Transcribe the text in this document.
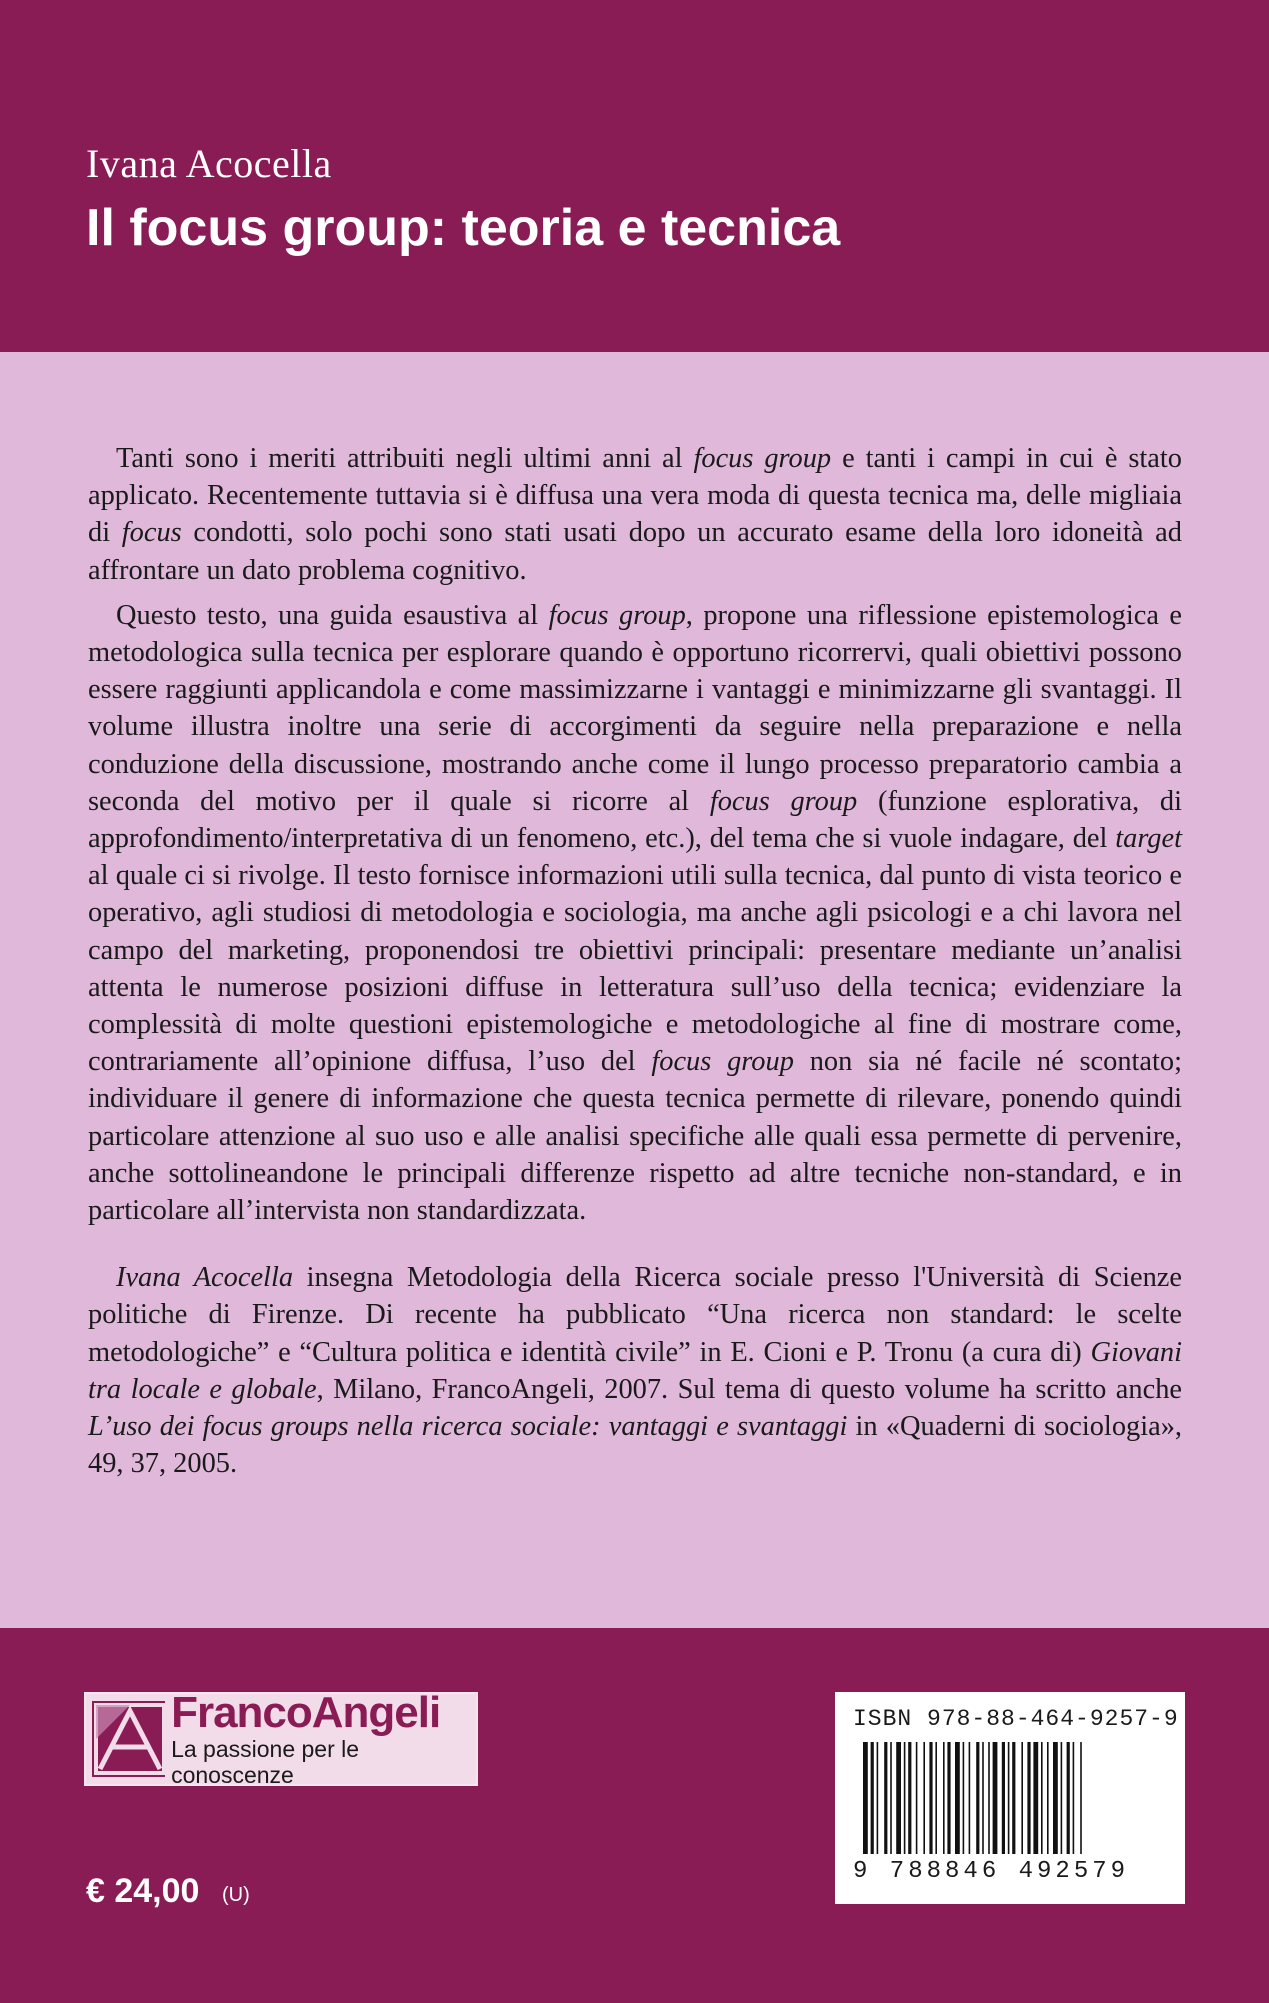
Ivana Acocella
Il focus group: teoria e tecnica

Tanti sono i meriti attribuiti negli ultimi anni al focus group e tanti i campi in cui è stato applicato. Recentemente tuttavia si è diffusa una vera moda di questa tecnica ma, delle migliaia di focus condotti, solo pochi sono stati usati dopo un accurato esame della loro idoneità ad affrontare un dato problema cognitivo.

Questo testo, una guida esaustiva al focus group, propone una riflessione epistemologica e metodologica sulla tecnica per esplorare quando è opportuno ricorrervi, quali obiettivi possono essere raggiunti applicandola e come massimizzarne i vantaggi e minimizzarne gli svantaggi. Il volume illustra inoltre una serie di accorgimenti da seguire nella preparazione e nella conduzione della discussione, mostrando anche come il lungo processo preparatorio cambia a seconda del motivo per il quale si ricorre al focus group (funzione esplorativa, di approfondimento/interpretativa di un fenomeno, etc.), del tema che si vuole indagare, del target al quale ci si rivolge. Il testo fornisce informazioni utili sulla tecnica, dal punto di vista teorico e operativo, agli studiosi di metodologia e sociologia, ma anche agli psicologi e a chi lavora nel campo del marketing, proponendosi tre obiettivi principali: presentare mediante un’analisi attenta le numerose posizioni diffuse in letteratura sull’uso della tecnica; evidenziare la complessità di molte questioni epistemologiche e metodologiche al fine di mostrare come, contrariamente all’opinione diffusa, l’uso del focus group non sia né facile né scontato; individuare il genere di informazione che questa tecnica permette di rilevare, ponendo quindi particolare attenzione al suo uso e alle analisi specifiche alle quali essa permette di pervenire, anche sottolineandone le principali differenze rispetto ad altre tecniche non-standard, e in particolare all’intervista non standardizzata.

Ivana Acocella insegna Metodologia della Ricerca sociale presso l'Università di Scienze politiche di Firenze. Di recente ha pubblicato “Una ricerca non standard: le scelte metodologiche” e “Cultura politica e identità civile” in E. Cioni e P. Tronu (a cura di) Giovani tra locale e globale, Milano, FrancoAngeli, 2007. Sul tema di questo volume ha scritto anche L’uso dei focus groups nella ricerca sociale: vantaggi e svantaggi in «Quaderni di sociologia», 49, 37, 2005.

FrancoAngeli
La passione per le conoscenze
ISBN 978-88-464-9257-9
9 788846 492579
€ 24,00 (U)
